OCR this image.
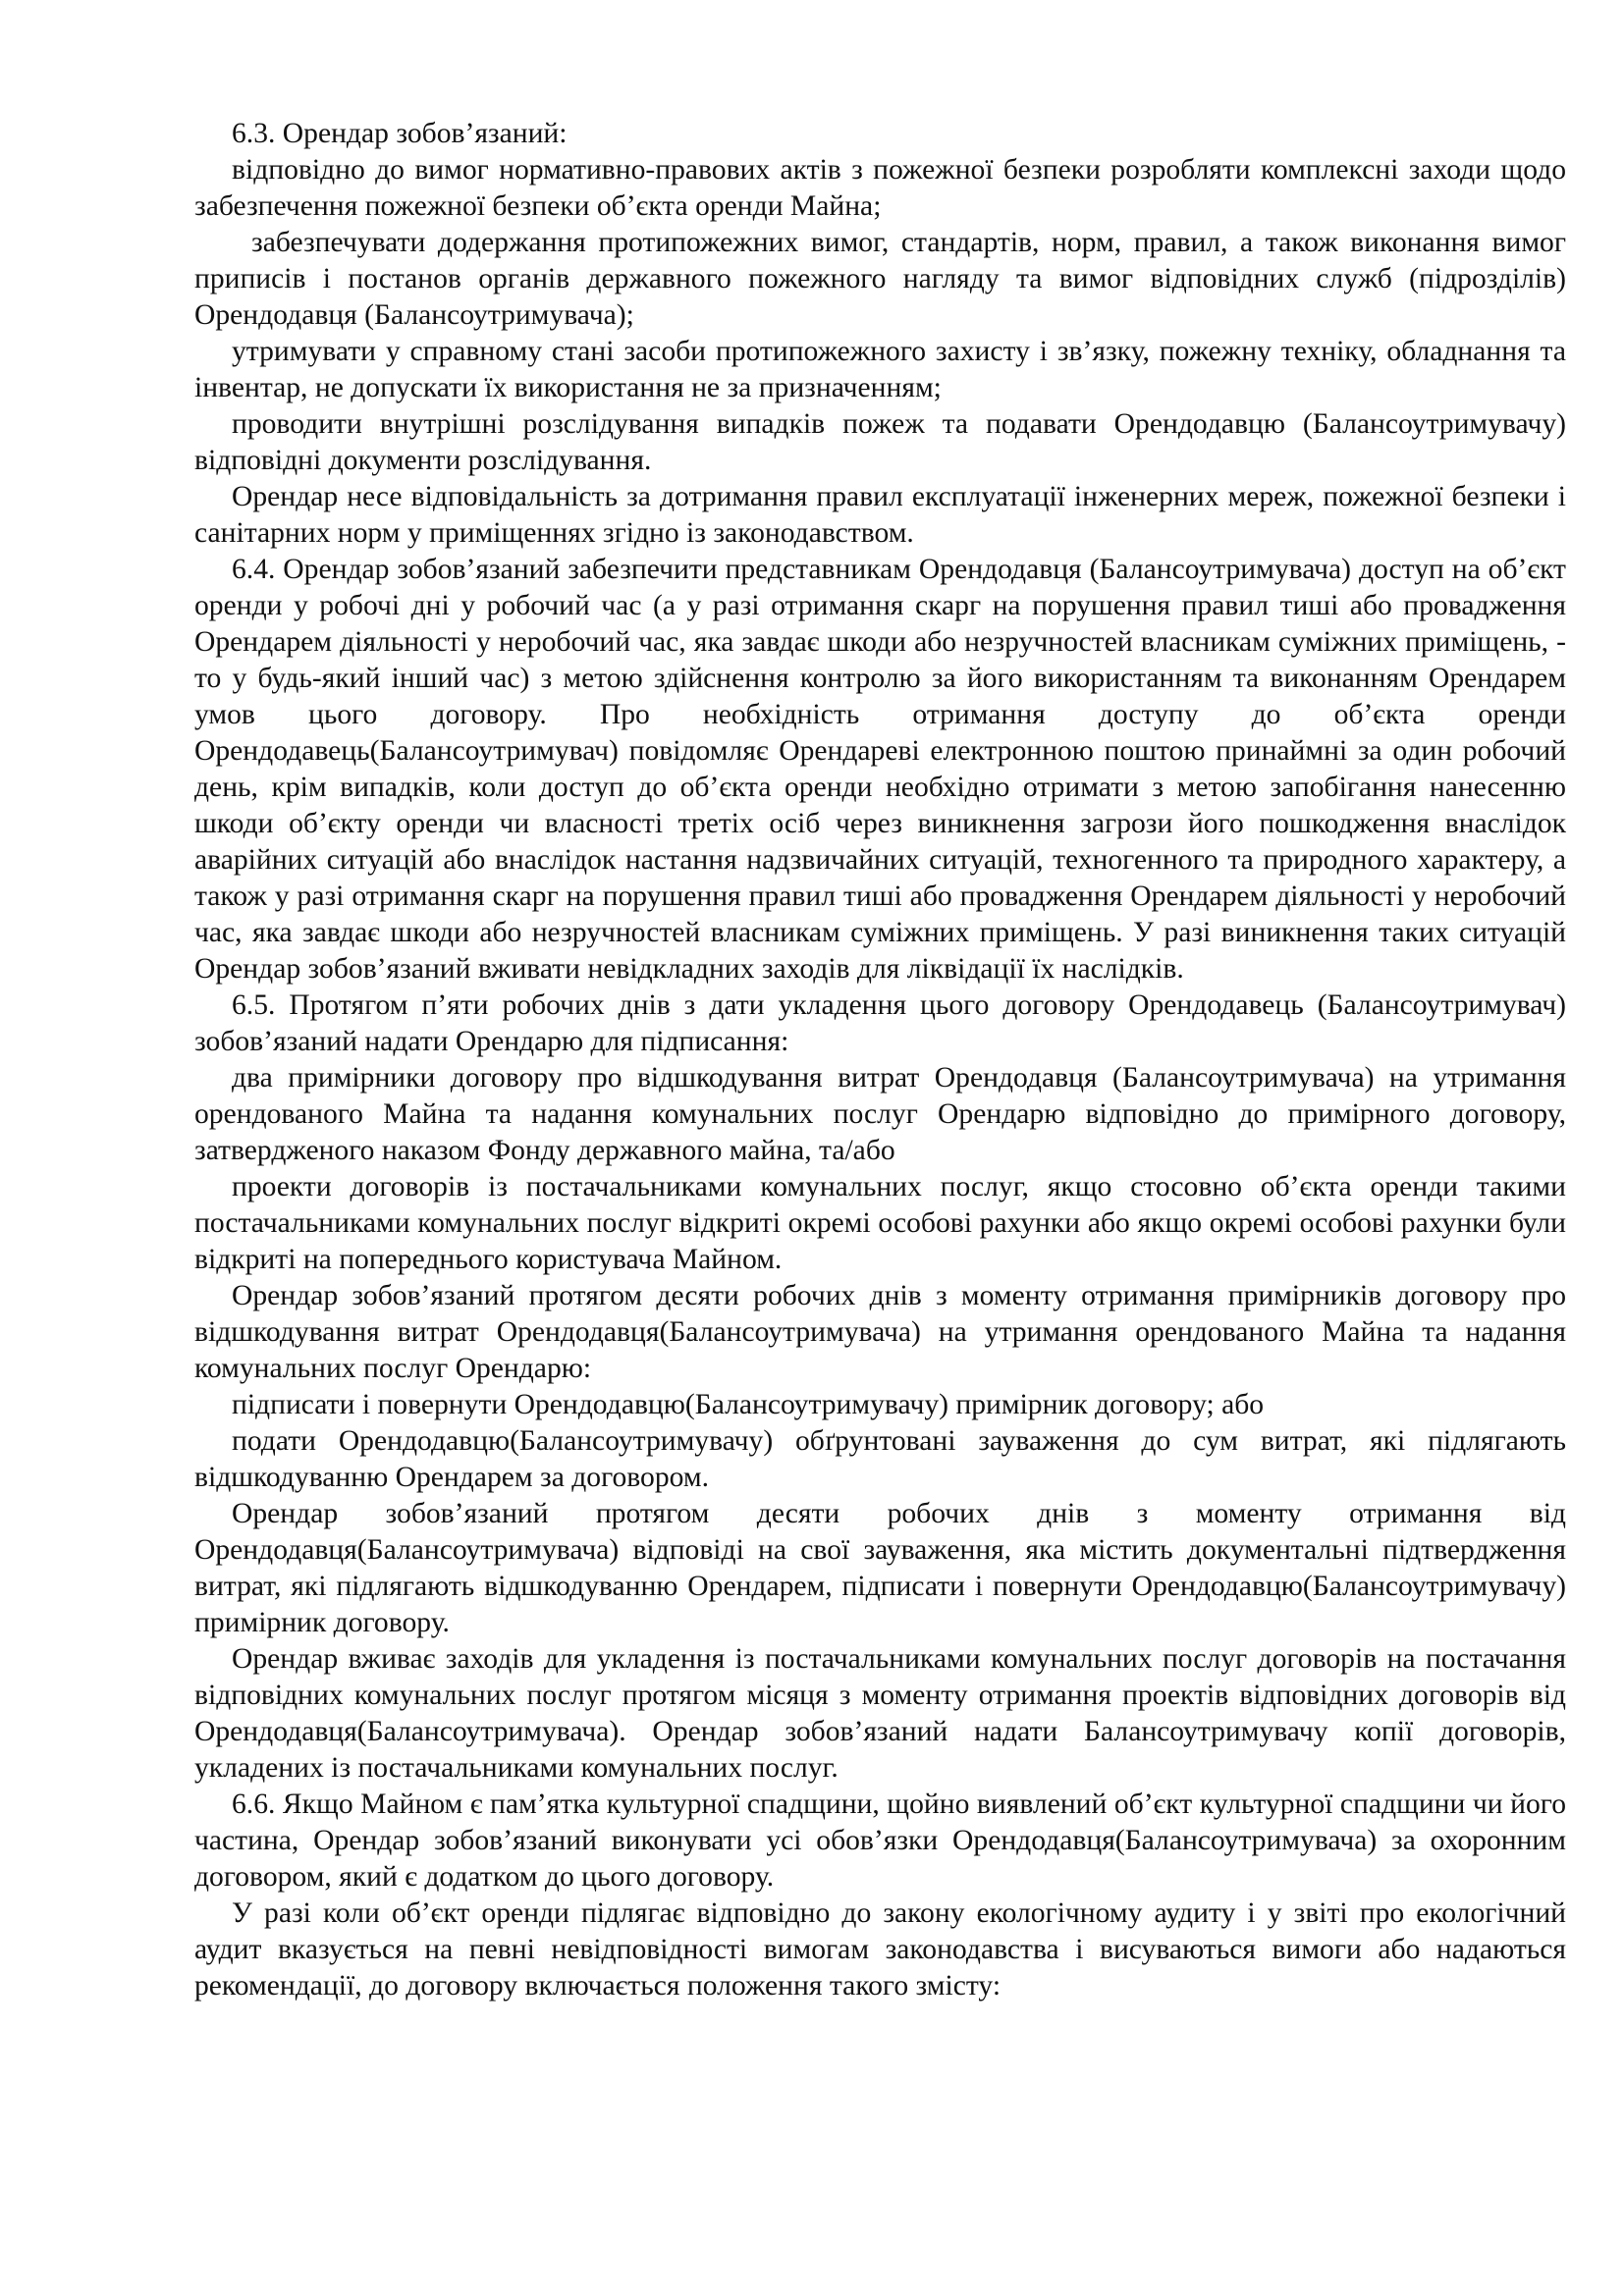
6.3. Орендар зобов’язаний:

відповідно до вимог нормативно-правових актів з пожежної безпеки розробляти комплексні заходи щодо забезпечення пожежної безпеки об’єкта оренди Майна;

забезпечувати додержання протипожежних вимог, стандартів, норм, правил, а також виконання вимог приписів і постанов органів державного пожежного нагляду та вимог відповідних служб (підрозділів) Орендодавця (Балансоутримувача);

утримувати у справному стані засоби протипожежного захисту і зв’язку, пожежну техніку, обладнання та інвентар, не допускати їх використання не за призначенням;

проводити внутрішні розслідування випадків пожеж та подавати Орендодавцю (Балансоутримувачу) відповідні документи розслідування.

Орендар несе відповідальність за дотримання правил експлуатації інженерних мереж, пожежної безпеки і санітарних норм у приміщеннях згідно із законодавством.

6.4. Орендар зобов’язаний забезпечити представникам Орендодавця (Балансоутримувача) доступ на об’єкт оренди у робочі дні у робочий час (а у разі отримання скарг на порушення правил тиші або провадження Орендарем діяльності у неробочий час, яка завдає шкоди або незручностей власникам суміжних приміщень, - то у будь-який інший час) з метою здійснення контролю за його використанням та виконанням Орендарем умов цього договору. Про необхідність отримання доступу до об’єкта оренди Орендодавець(Балансоутримувач) повідомляє Орендареві електронною поштою принаймні за один робочий день, крім випадків, коли доступ до об’єкта оренди необхідно отримати з метою запобігання нанесенню шкоди об’єкту оренди чи власності третіх осіб через виникнення загрози його пошкодження внаслідок аварійних ситуацій або внаслідок настання надзвичайних ситуацій, техногенного та природного характеру, а також у разі отримання скарг на порушення правил тиші або провадження Орендарем діяльності у неробочий час, яка завдає шкоди або незручностей власникам суміжних приміщень. У разі виникнення таких ситуацій Орендар зобов’язаний вживати невідкладних заходів для ліквідації їх наслідків.

6.5. Протягом п’яти робочих днів з дати укладення цього договору Орендодавець (Балансоутримувач) зобов’язаний надати Орендарю для підписання:

два примірники договору про відшкодування витрат Орендодавця (Балансоутримувача) на утримання орендованого Майна та надання комунальних послуг Орендарю відповідно до примірного договору, затвердженого наказом Фонду державного майна, та/або

проекти договорів із постачальниками комунальних послуг, якщо стосовно об’єкта оренди такими постачальниками комунальних послуг відкриті окремі особові рахунки або якщо окремі особові рахунки були відкриті на попереднього користувача Майном.

Орендар зобов’язаний протягом десяти робочих днів з моменту отримання примірників договору про відшкодування витрат Орендодавця(Балансоутримувача) на утримання орендованого Майна та надання комунальних послуг Орендарю:

підписати і повернути Орендодавцю(Балансоутримувачу) примірник договору; або

подати Орендодавцю(Балансоутримувачу) обґрунтовані зауваження до сум витрат, які підлягають відшкодуванню Орендарем за договором.

Орендар зобов’язаний протягом десяти робочих днів з моменту отримання від Орендодавця(Балансоутримувача) відповіді на свої зауваження, яка містить документальні підтвердження витрат, які підлягають відшкодуванню Орендарем, підписати і повернути Орендодавцю(Балансоутримувачу) примірник договору.

Орендар вживає заходів для укладення із постачальниками комунальних послуг договорів на постачання відповідних комунальних послуг протягом місяця з моменту отримання проектів відповідних договорів від Орендодавця(Балансоутримувача). Орендар зобов’язаний надати Балансоутримувачу копії договорів, укладених із постачальниками комунальних послуг.

6.6. Якщо Майном є пам’ятка культурної спадщини, щойно виявлений об’єкт культурної спадщини чи його частина, Орендар зобов’язаний виконувати усі обов’язки Орендодавця(Балансоутримувача) за охоронним договором, який є додатком до цього договору.

У разі коли об’єкт оренди підлягає відповідно до закону екологічному аудиту і у звіті про екологічний аудит вказується на певні невідповідності вимогам законодавства і висуваються вимоги або надаються рекомендації, до договору включається положення такого змісту:
